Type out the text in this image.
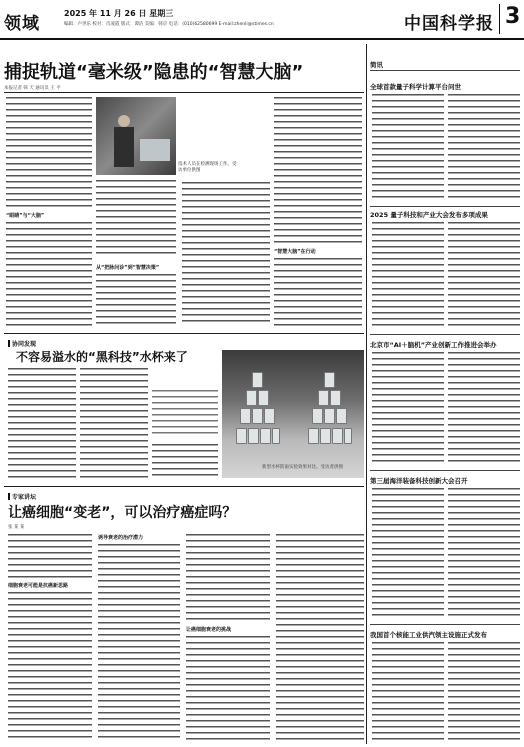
领域
2025 年 11 月 26 日 星期三
编辑：卢世乐 校对：肖凌霞 版式：谭洁 美编：韩京 电话：(010)62580699 E-mail:zhenli@stimes.cn	中国科学报 3
捕捉轨道“毫米级”隐患的“智慧大脑”
本报记者 韩 天 通讯员 王 平
“眼睛”与“大脑”
技术人员在检测现场工作。受访单位供图
从“把脉问诊”到“智慧决策”
“智慧大脑”在行动
协同发现
不容易溢水的“黑科技”水杯来了
新型水杯防溢实验效果对比。受访者供图
专家讲坛
让癌细胞“变老”，可以治疗癌症吗？
张 某 某
细胞衰老可能是抗癌新思路
诱导衰老的治疗潜力
让癌细胞衰老的挑战
简讯
全球首款量子科学计算平台问世
2025 量子科技和产业大会发布多项成果
北京市“AI＋脑机”产业创新工作推进会举办
第三届海洋装备科技创新大会召开
我国首个核能工业供汽领主设施正式发布
